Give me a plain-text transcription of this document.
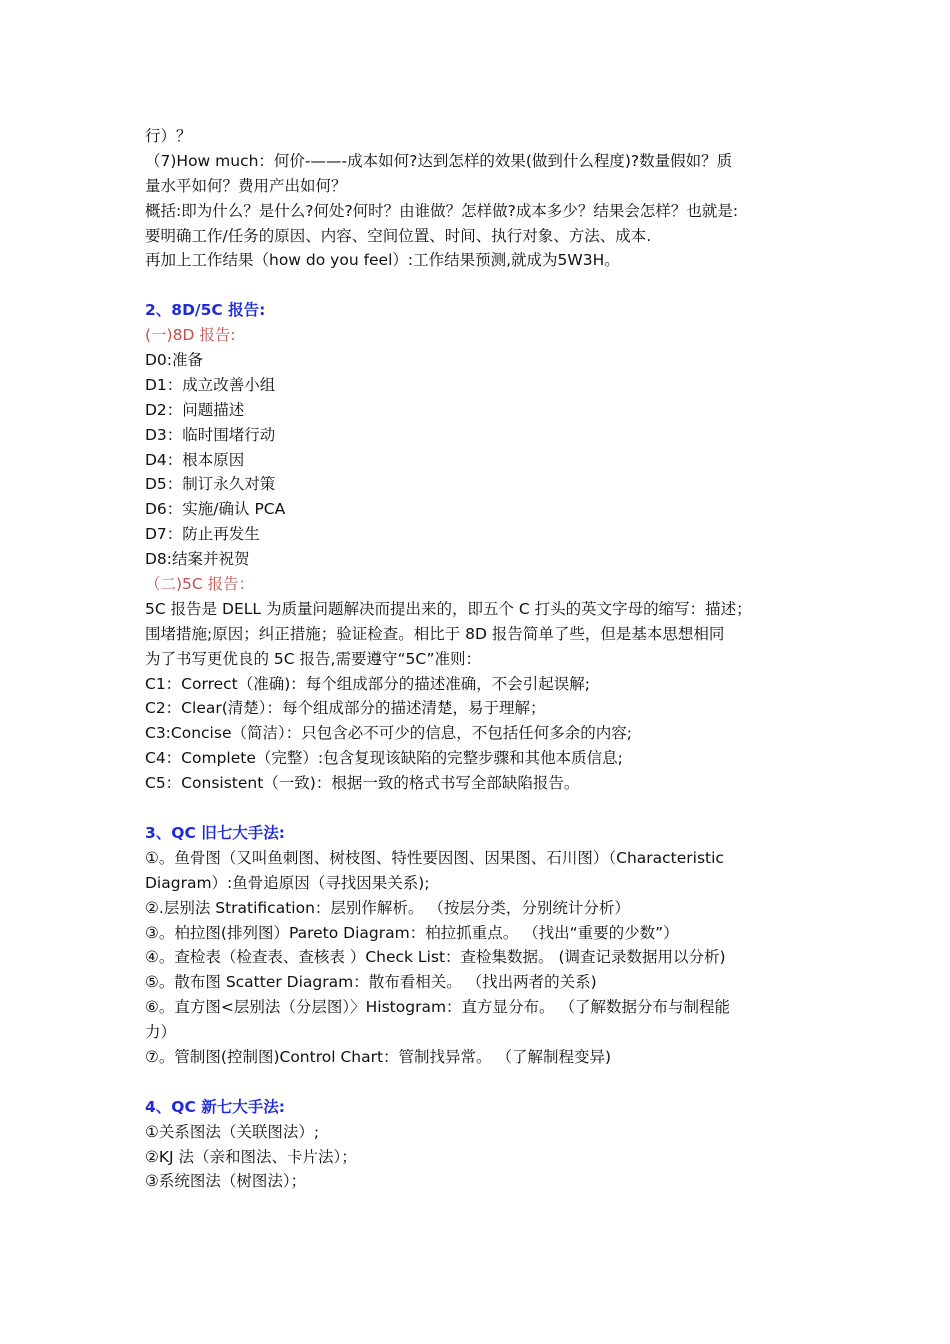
行）？
（7)How much：何价-——-成本如何?达到怎样的效果(做到什么程度)?数量假如？质
量水平如何？费用产出如何？
概括:即为什么？是什么?何处?何时？由谁做？怎样做?成本多少？结果会怎样？也就是:
要明确工作/任务的原因、内容、空间位置、时间、执行对象、方法、成本.
再加上工作结果（how do you feel）:工作结果预测,就成为5W3H。
2、8D/5C 报告:
(一)8D 报告:
D0:准备
D1：成立改善小组
D2：问题描述
D3：临时围堵行动
D4：根本原因
D5：制订永久对策
D6：实施/确认 PCA
D7：防止再发生
D8:结案并祝贺
（二)5C 报告：
5C 报告是 DELL 为质量问题解决而提出来的，即五个 C 打头的英文字母的缩写：描述；
围堵措施;原因；纠正措施；验证检查。相比于 8D 报告简单了些，但是基本思想相同
为了书写更优良的 5C 报告,需要遵守“5C”准则：
C1：Correct（准确)：每个组成部分的描述准确，不会引起误解;
C2：Clear(清楚）：每个组成部分的描述清楚，易于理解；
C3:Concise（简洁）：只包含必不可少的信息，不包括任何多余的内容;
C4：Complete（完整）:包含复现该缺陷的完整步骤和其他本质信息;
C5：Consistent（一致)：根据一致的格式书写全部缺陷报告。
3、QC 旧七大手法:
①。鱼骨图（又叫鱼刺图、树枝图、特性要因图、因果图、石川图）（Characteristic
Diagram）:鱼骨追原因（寻找因果关系);
②.层别法 Stratification：层别作解析。 （按层分类，分别统计分析）
③。柏拉图(排列图）Pareto Diagram：柏拉抓重点。 （找出“重要的少数”）
④。查检表（检查表、查核表 ）Check List：查检集数据。 (调查记录数据用以分析)
⑤。散布图 Scatter Diagram：散布看相关。 （找出两者的关系)
⑥。直方图<层别法（分层图）〉Histogram：直方显分布。 （了解数据分布与制程能
力）
⑦。管制图(控制图)Control Chart：管制找异常。 （了解制程变异)
4、QC 新七大手法:
①关系图法（关联图法）;
②KJ 法（亲和图法、卡片法）；
③系统图法（树图法）；
